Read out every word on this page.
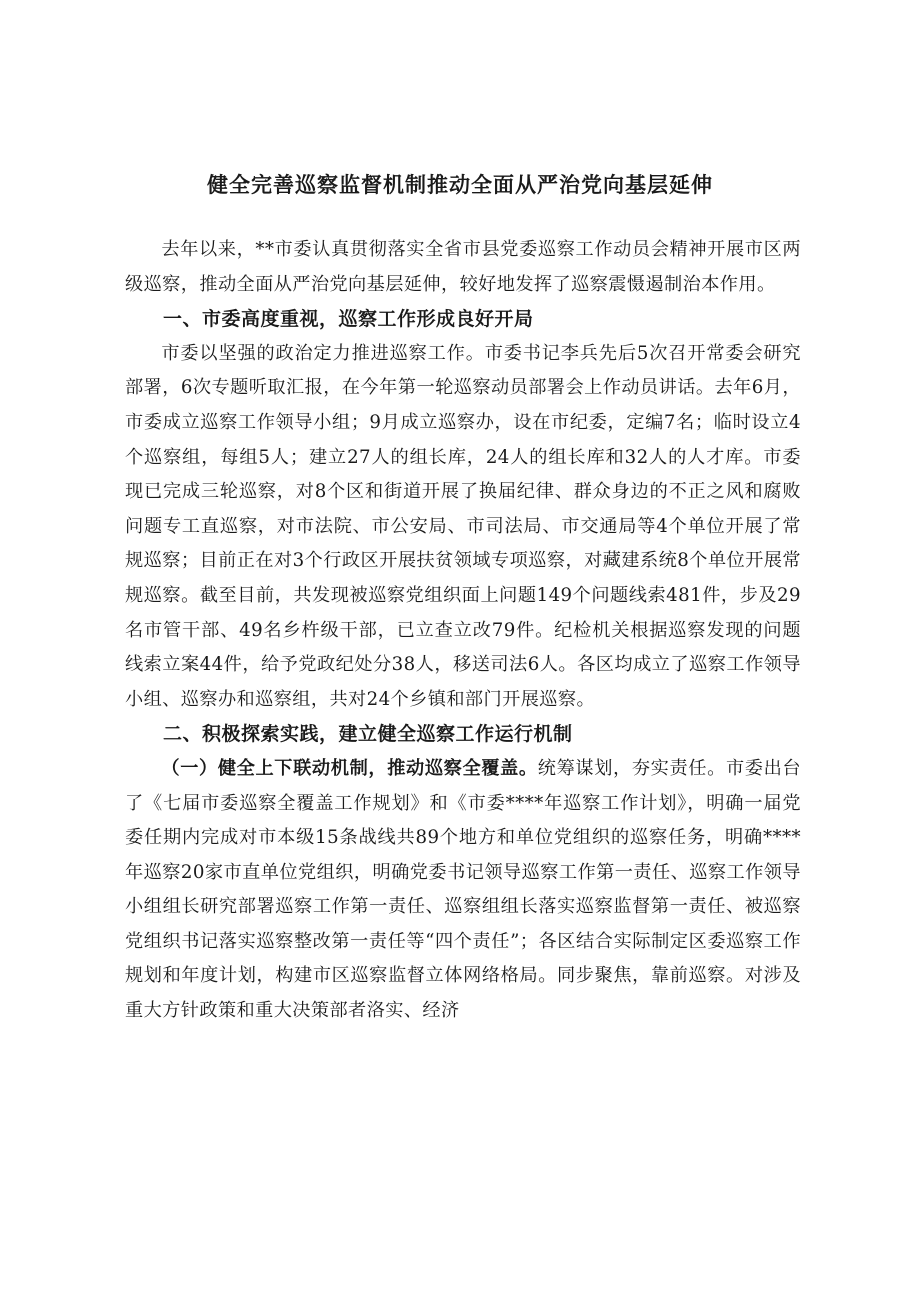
健全完善巡察监督机制推动全面从严治党向基层延伸

去年以来，**市委认真贯彻落实全省市县党委巡察工作动员会精神开展市区两级巡察，推动全面从严治党向基层延伸，较好地发挥了巡察震慑遏制治本作用。

一、市委高度重视，巡察工作形成良好开局

市委以坚强的政治定力推进巡察工作。市委书记李兵先后5次召开常委会研究部署，6次专题听取汇报，在今年第一轮巡察动员部署会上作动员讲话。去年6月，市委成立巡察工作领导小组；9月成立巡察办，设在市纪委，定编7名；临时设立4个巡察组，每组5人；建立27人的组长库，24人的组长库和32人的人才库。市委现已完成三轮巡察，对8个区和街道开展了换届纪律、群众身边的不正之风和腐败问题专工直巡察，对市法院、市公安局、市司法局、市交通局等4个单位开展了常规巡察；目前正在对3个行政区开展扶贫领域专项巡察，对藏建系统8个单位开展常规巡察。截至目前，共发现被巡察党组织面上问题149个问题线索481件，步及29名市管干部、49名乡杵级干部，已立查立改79件。纪检机关根据巡察发现的问题线索立案44件，给予党政纪处分38人，移送司法6人。各区均成立了巡察工作领导小组、巡察办和巡察组，共对24个乡镇和部门开展巡察。

二、积极探索实践，建立健全巡察工作运行机制

（一）健全上下联动机制，推动巡察全覆盖。统筹谋划，夯实责任。市委出台了《七届市委巡察全覆盖工作规划》和《市委****年巡察工作计划》，明确一届党委任期内完成对市本级15条战线共89个地方和单位党组织的巡察任务，明确****年巡察20家市直单位党组织，明确党委书记领导巡察工作第一责任、巡察工作领导小组组长研究部署巡察工作第一责任、巡察组组长落实巡察监督第一责任、被巡察党组织书记落实巡察整改第一责任等“四个责任”；各区结合实际制定区委巡察工作规划和年度计划，构建市区巡察监督立体网络格局。同步聚焦，靠前巡察。对涉及重大方针政策和重大决策部者洛实、经济
